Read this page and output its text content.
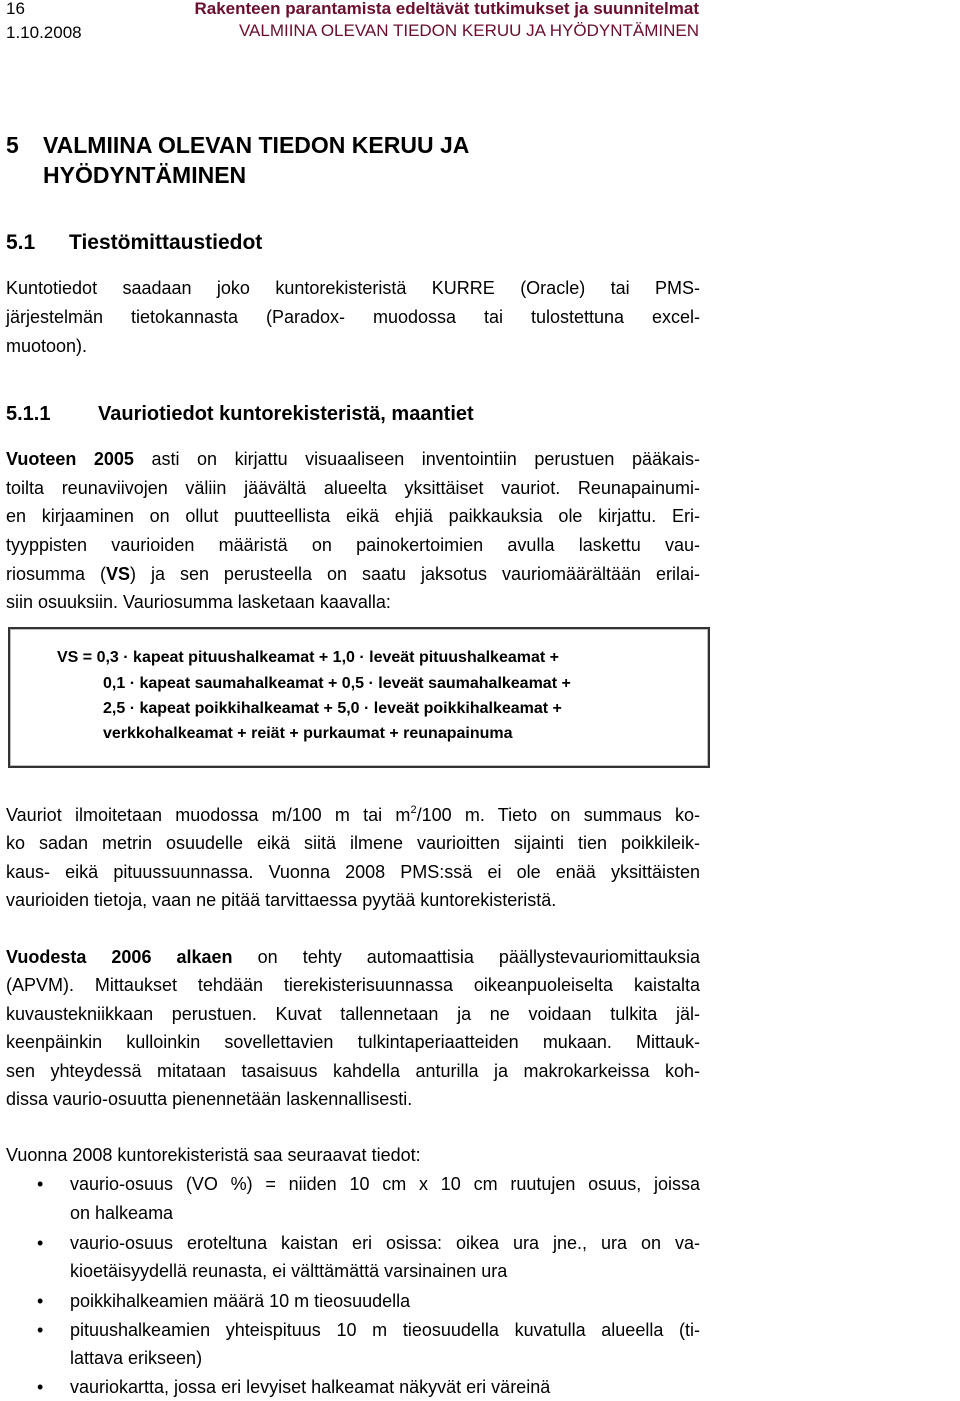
16
1.10.2008
Rakenteen parantamista edeltävät tutkimukset ja suunnitelmat
VALMIINA OLEVAN TIEDON KERUU JA HYÖDYNTÄMINEN
5 VALMIINA OLEVAN TIEDON KERUU JA
HYÖDYNTÄMINEN
5.1 Tiestömittaustiedot
Kuntotiedot saadaan joko kuntorekisteristä KURRE (Oracle) tai PMS-
järjestelmän tietokannasta (Paradox- muodossa tai tulostettuna excel-
muotoon).
5.1.1 Vauriotiedot kuntorekisteristä, maantiet
Vuoteen 2005 asti on kirjattu visuaaliseen inventointiin perustuen pääkais-
toilta reunaviivojen väliin jäävältä alueelta yksittäiset vauriot. Reunapainumi-
en kirjaaminen on ollut puutteellista eikä ehjiä paikkauksia ole kirjattu. Eri-
tyyppisten vaurioiden määristä on painokertoimien avulla laskettu vau-
riosumma (VS) ja sen perusteella on saatu jaksotus vauriomäärältään erilai-
siin osuuksiin. Vauriosumma lasketaan kaavalla:
VS = 0,3 · kapeat pituushalkeamat + 1,0 · leveät pituushalkeamat +
0,1 · kapeat saumahalkeamat + 0,5 · leveät saumahalkeamat +
2,5 · kapeat poikkihalkeamat + 5,0 · leveät poikkihalkeamat +
verkkohalkeamat + reiät + purkaumat + reunapainuma
Vauriot ilmoitetaan muodossa m/100 m tai $m^2/100$ m. Tieto on summaus ko-
ko sadan metrin osuudelle eikä siitä ilmene vaurioitten sijainti tien poikkileik-
kaus- eikä pituussuunnassa. Vuonna 2008 PMS:ssä ei ole enää yksittäisten
vaurioiden tietoja, vaan ne pitää tarvittaessa pyytää kuntorekisteristä.
Vuodesta 2006 alkaen on tehty automaattisia päällystevauriomittauksia
(APVM). Mittaukset tehdään tierekisterisuunnassa oikeanpuoleiselta kaistalta
kuvaustekniikkaan perustuen. Kuvat tallennetaan ja ne voidaan tulkita jäl-
keenpäinkin kulloinkin sovellettavien tulkintaperiaatteiden mukaan. Mittauk-
sen yhteydessä mitataan tasaisuus kahdella anturilla ja makrokarkeissa koh-
dissa vaurio-osuutta pienennetään laskennallisesti.
Vuonna 2008 kuntorekisteristä saa seuraavat tiedot:
• vaurio-osuus (VO %) = niiden 10 cm x 10 cm ruutujen osuus, joissa
on halkeama
• vaurio-osuus eroteltuna kaistan eri osissa: oikea ura jne., ura on va-
kioetäisyydellä reunasta, ei välttämättä varsinainen ura
• poikkihalkeamien määrä 10 m tieosuudella
• pituushalkeamien yhteispituus 10 m tieosuudella kuvatulla alueella (ti-
lattava erikseen)
• vauriokartta, jossa eri levyiset halkeamat näkyvät eri väreinä
